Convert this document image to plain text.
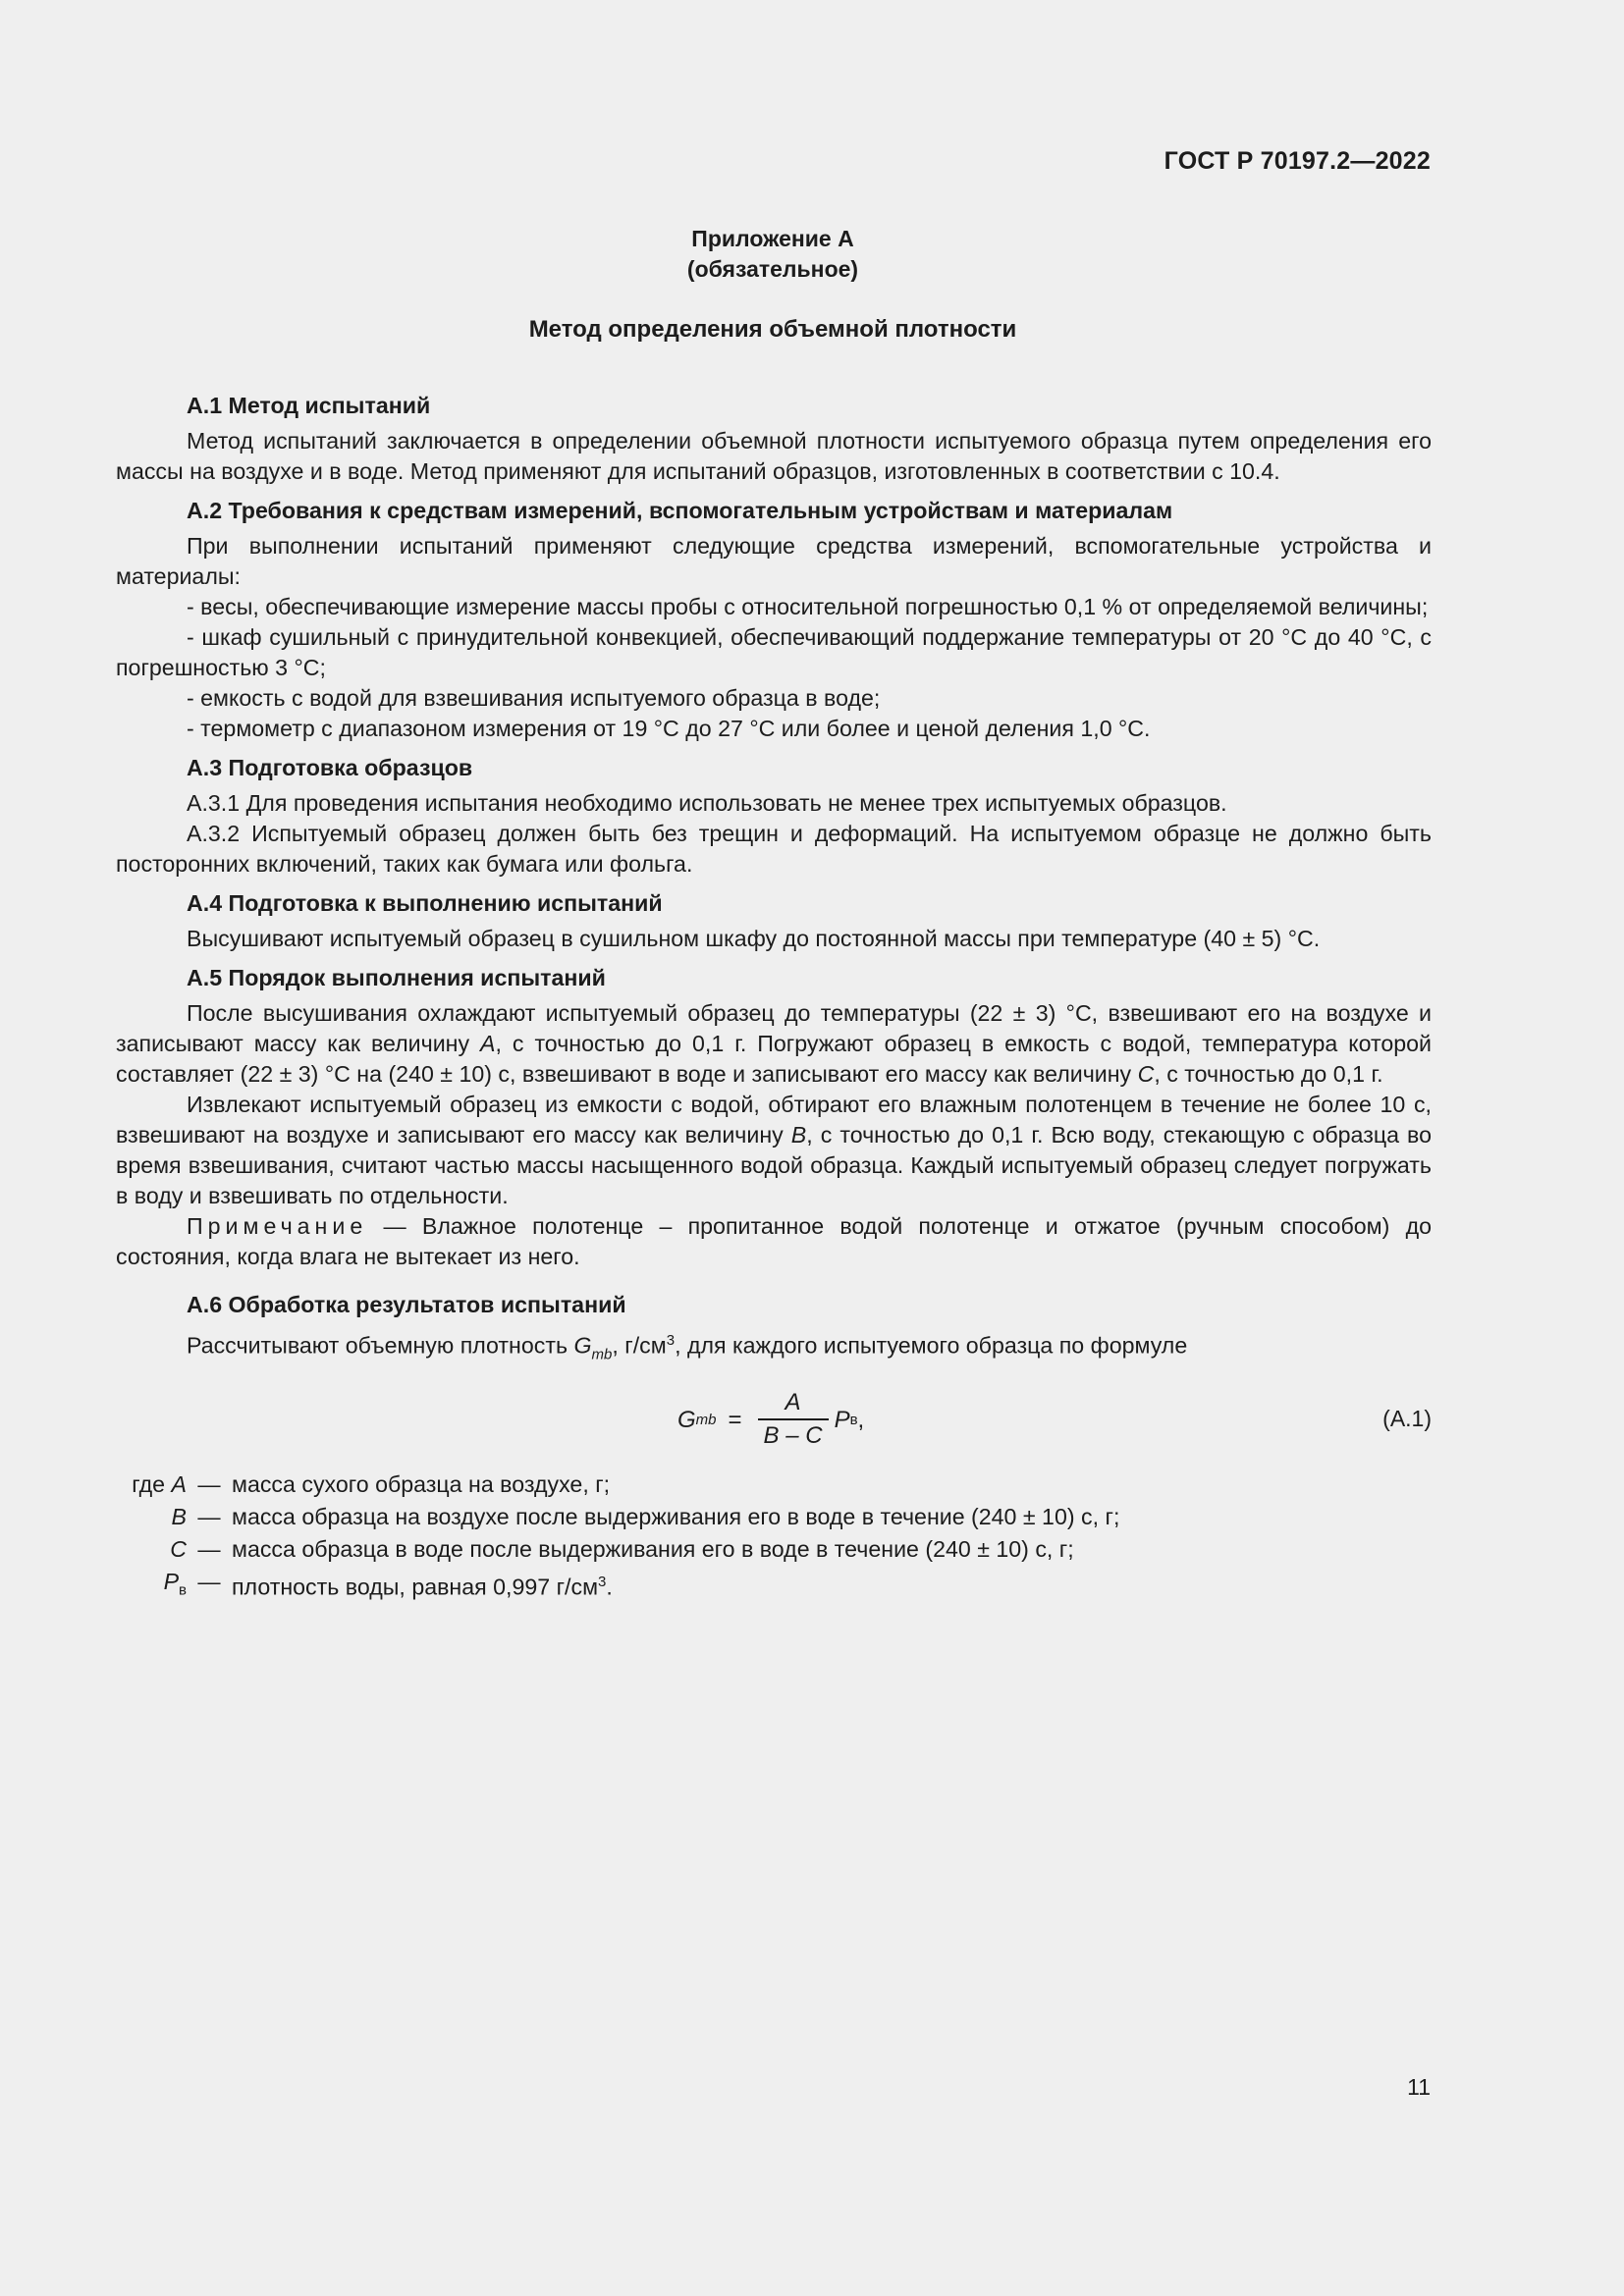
ГОСТ Р 70197.2—2022
Приложение А
(обязательное)
Метод определения объемной плотности
А.1 Метод испытаний

Метод испытаний заключается в определении объемной плотности испытуемого образца путем определения его массы на воздухе и в воде. Метод применяют для испытаний образцов, изготовленных в соответствии с 10.4.

А.2 Требования к средствам измерений, вспомогательным устройствам и материалам

При выполнении испытаний применяют следующие средства измерений, вспомогательные устройства и материалы:

- весы, обеспечивающие измерение массы пробы с относительной погрешностью 0,1 % от определяемой величины;

- шкаф сушильный с принудительной конвекцией, обеспечивающий поддержание температуры от 20 °С до 40 °С, с погрешностью 3 °С;

- емкость с водой для взвешивания испытуемого образца в воде;

- термометр с диапазоном измерения от 19 °С до 27 °С или более и ценой деления 1,0 °С.

А.3 Подготовка образцов

А.3.1 Для проведения испытания необходимо использовать не менее трех испытуемых образцов.

А.3.2 Испытуемый образец должен быть без трещин и деформаций. На испытуемом образце не должно быть посторонних включений, таких как бумага или фольга.

А.4 Подготовка к выполнению испытаний

Высушивают испытуемый образец в сушильном шкафу до постоянной массы при температуре (40 ± 5) °С.

А.5 Порядок выполнения испытаний

После высушивания охлаждают испытуемый образец до температуры (22 ± 3) °С, взвешивают его на воздухе и записывают массу как величину А, с точностью до 0,1 г. Погружают образец в емкость с водой, температура которой составляет (22 ± 3) °С на (240 ± 10) с, взвешивают в воде и записывают его массу как величину С, с точностью до 0,1 г.

Извлекают испытуемый образец из емкости с водой, обтирают его влажным полотенцем в течение не более 10 с, взвешивают на воздухе и записывают его массу как величину В, с точностью до 0,1 г. Всю воду, стекающую с образца во время взвешивания, считают частью массы насыщенного водой образца. Каждый испытуемый образец следует погружать в воду и взвешивать по отдельности.

Примечание — Влажное полотенце – пропитанное водой полотенце и отжатое (ручным способом) до состояния, когда влага не вытекает из него.

А.6 Обработка результатов испытаний

Рассчитывают объемную плотность $G_{mb}$, $г/см^3$, для каждого испытуемого образца по формуле

G mb = $\frac{A}{B - C}$ P в ,	(А.1)
где A — масса сухого образца на воздухе, г;
B — масса образца на воздухе после выдерживания его в воде в течение (240 ± 10) с, г;
C — масса образца в воде после выдерживания его в воде в течение (240 ± 10) с, г;
$P_в$ — плотность воды, равная 0,997 $г/см^3$.
11
